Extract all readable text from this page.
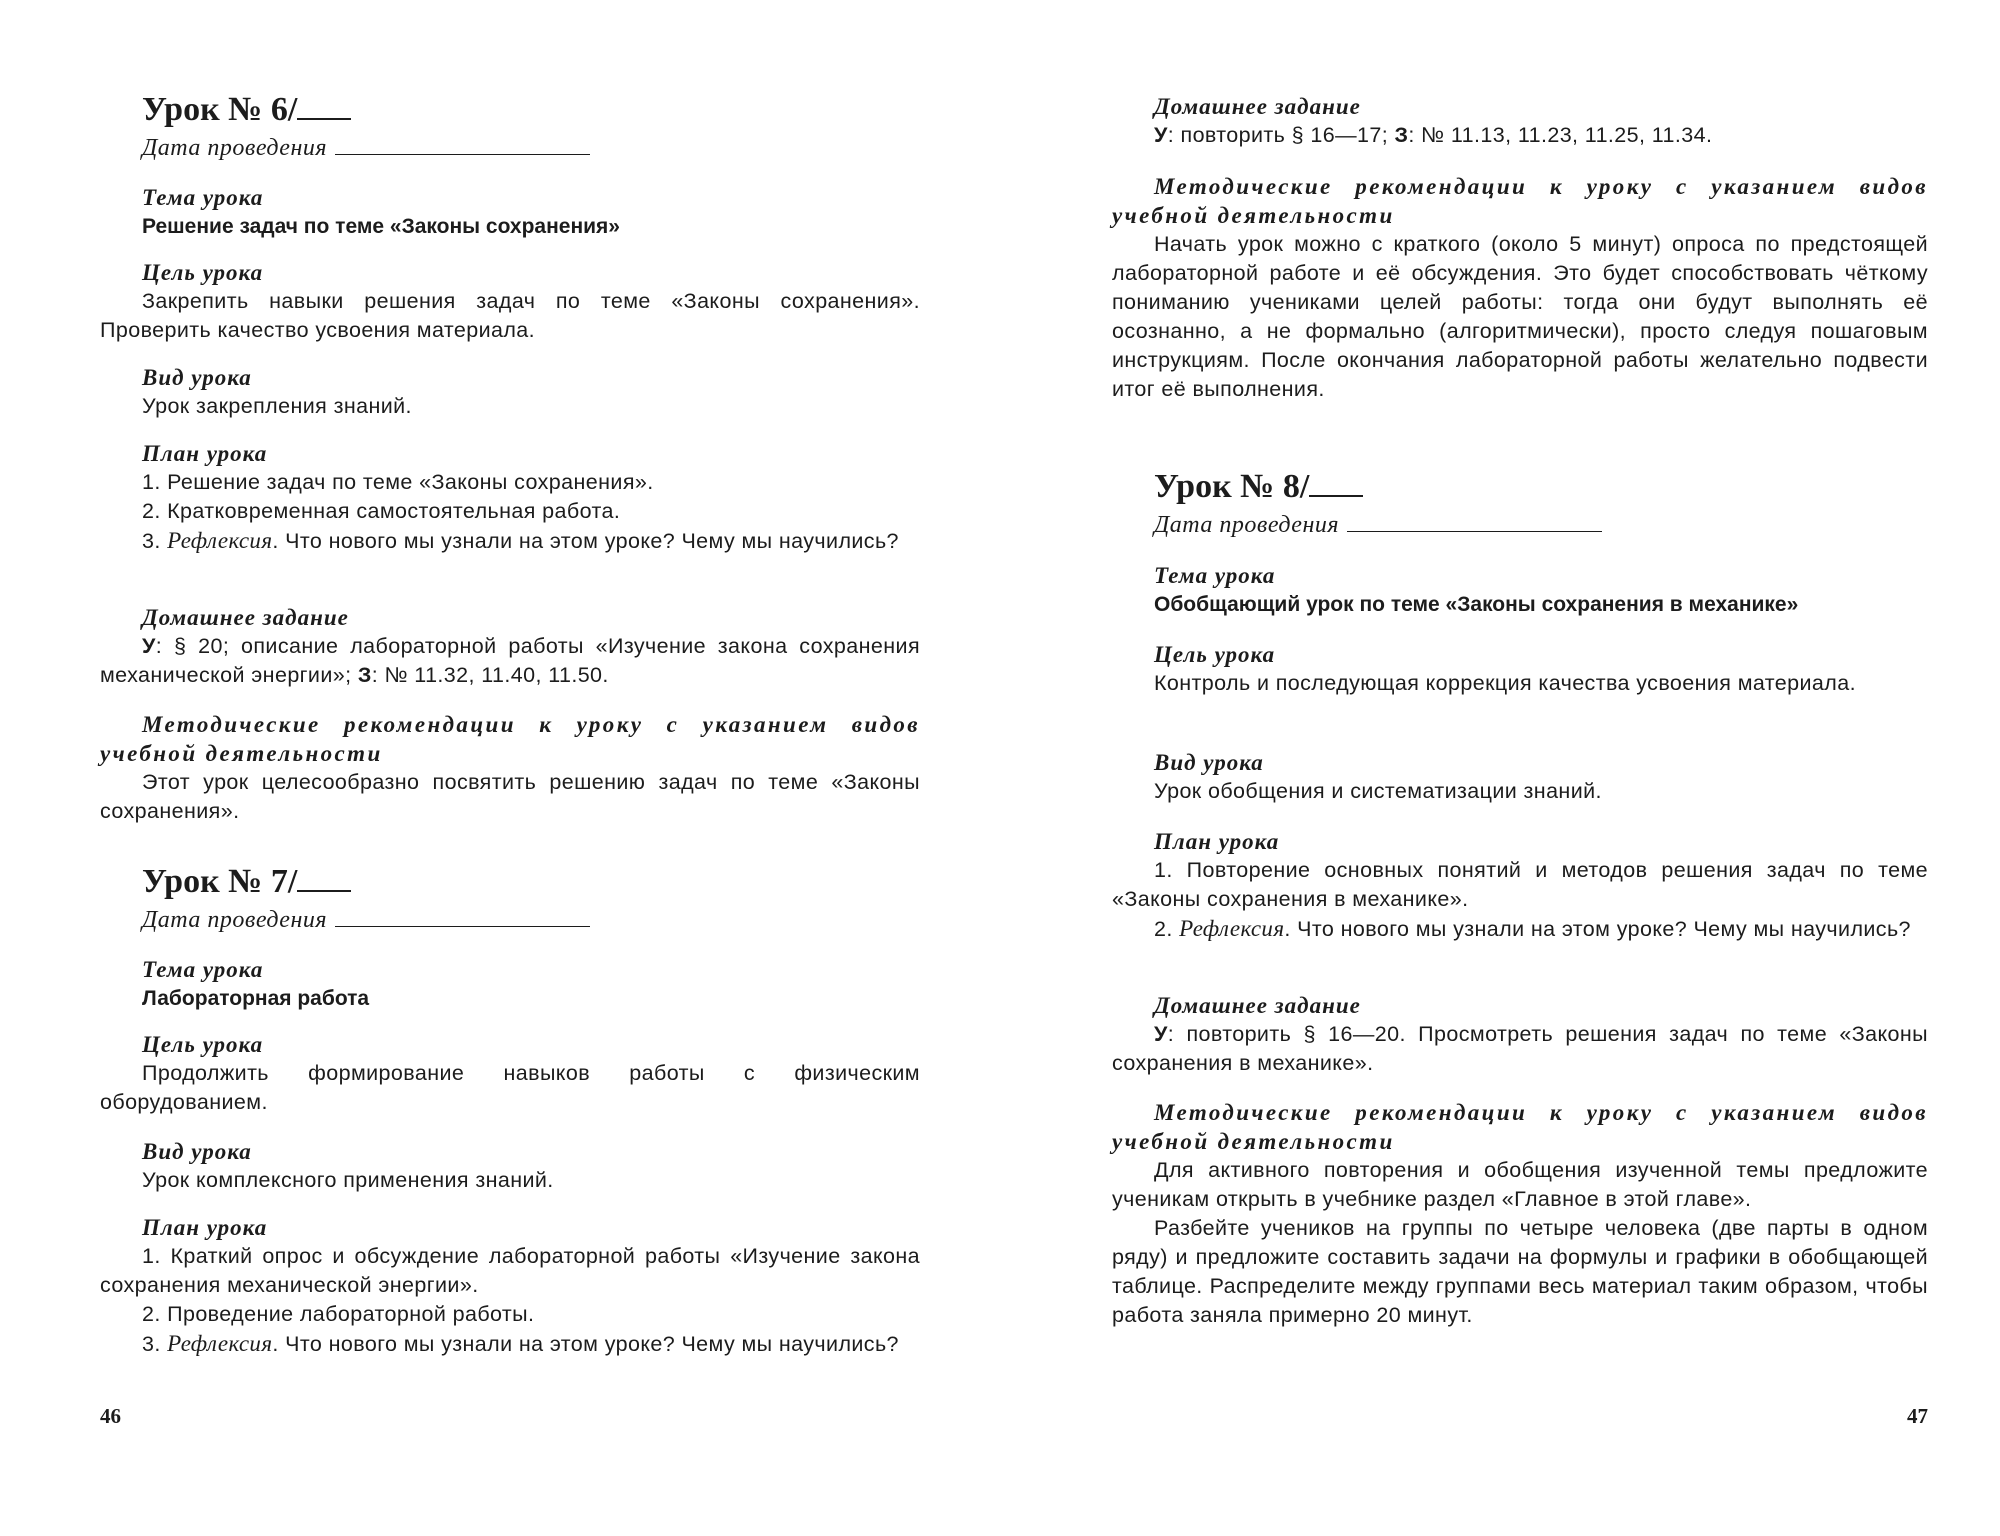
Урок № 6/
Дата проведения
Тема урока
Решение задач по теме «Законы сохранения»
Цель урока

Закрепить навыки решения задач по теме «Законы сохранения». Проверить качество усвоения материала.

Вид урока

Урок закрепления знаний.

План урока

1. Решение задач по теме «Законы сохранения».

2. Кратковременная самостоятельная работа.

3. Рефлексия. Что нового мы узнали на этом уроке? Чему мы научились?

Домашнее задание

У: § 20; описание лабораторной работы «Изучение закона сохранения механической энергии»; З: № 11.32, 11.40, 11.50.

Методические рекомендации к уроку с указанием видов учебной деятельности

Этот урок целесообразно посвятить решению задач по теме «Законы сохранения».

Урок № 7/
Дата проведения
Тема урока
Лабораторная работа
Цель урока

Продолжить формирование навыков работы с физическим оборудованием.

Вид урока

Урок комплексного применения знаний.

План урока

1. Краткий опрос и обсуждение лабораторной работы «Изучение закона сохранения механической энергии».

2. Проведение лабораторной работы.

3. Рефлексия. Что нового мы узнали на этом уроке? Чему мы научились?

46
Домашнее задание

У: повторить § 16—17; З: № 11.13, 11.23, 11.25, 11.34.

Методические рекомендации к уроку с указанием видов учебной деятельности

Начать урок можно с краткого (около 5 минут) опроса по предстоящей лабораторной работе и её обсуждения. Это будет способствовать чёткому пониманию учениками целей работы: тогда они будут выполнять её осознанно, а не формально (алгоритмически), просто следуя пошаговым инструкциям. После окончания лабораторной работы желательно подвести итог её выполнения.

Урок № 8/
Дата проведения
Тема урока
Обобщающий урок по теме «Законы сохранения в механике»
Цель урока

Контроль и последующая коррекция качества усвоения материала.

Вид урока

Урок обобщения и систематизации знаний.

План урока

1. Повторение основных понятий и методов решения задач по теме «Законы сохранения в механике».

2. Рефлексия. Что нового мы узнали на этом уроке? Чему мы научились?

Домашнее задание

У: повторить § 16—20. Просмотреть решения задач по теме «Законы сохранения в механике».

Методические рекомендации к уроку с указанием видов учебной деятельности

Для активного повторения и обобщения изученной темы предложите ученикам открыть в учебнике раздел «Главное в этой главе».

Разбейте учеников на группы по четыре человека (две парты в одном ряду) и предложите составить задачи на формулы и графики в обобщающей таблице. Распределите между группами весь материал таким образом, чтобы работа заняла примерно 20 минут.

47
